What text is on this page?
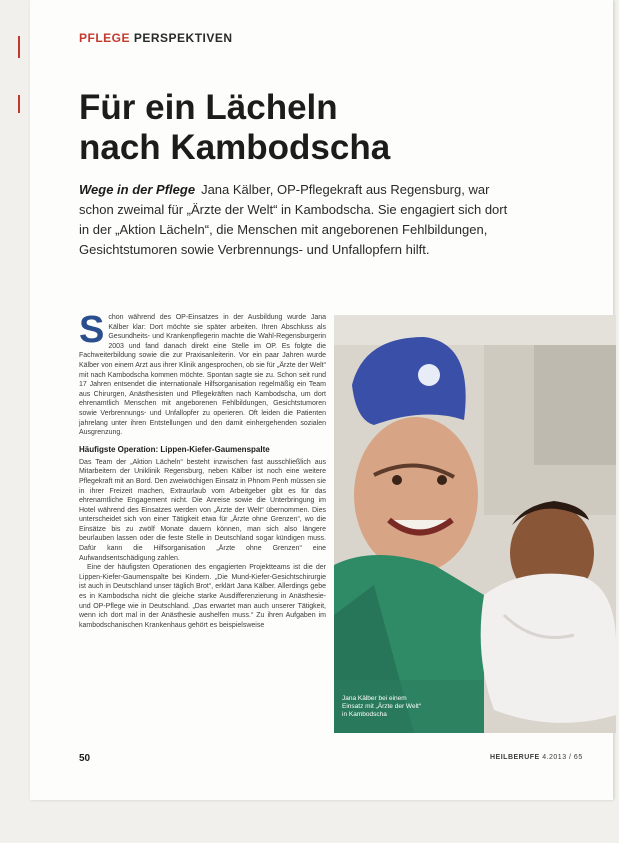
PFLEGE PERSPEKTIVEN
Für ein Lächeln
nach Kambodscha
Wege in der Pflege Jana Kälber, OP-Pflegekraft aus Regensburg, war schon zweimal für „Ärzte der Welt“ in Kambodscha. Sie engagiert sich dort in der „Aktion Lächeln“, die Menschen mit angeborenen Fehlbildungen, Gesichtstumoren sowie Verbrennungs- und Unfallopfern hilft.

Schon während des OP-Einsatzes in der Ausbildung wurde Jana Kälber klar: Dort möchte sie später arbeiten. Ihren Abschluss als Gesundheits- und Krankenpflegerin machte die Wahl-Regensburgerin 2003 und fand danach direkt eine Stelle im OP. Es folgte die Fachweiterbildung sowie die zur Praxisanleiterin. Vor ein paar Jahren wurde Kälber von einem Arzt aus ihrer Klinik angesprochen, ob sie für „Ärzte der Welt“ mit nach Kambodscha kommen möchte. Spontan sagte sie zu. Schon seit rund 17 Jahren entsendet die internationale Hilfsorganisation regelmäßig ein Team aus Chirurgen, Anästhesisten und Pflegekräften nach Kambodscha, um dort ehrenamtlich Menschen mit angeborenen Fehlbildungen, Gesichtstumoren sowie Verbrennungs- und Unfallopfer zu operieren. Oft leiden die Patienten jahrelang unter ihren Entstellungen und den damit einhergehenden sozialen Ausgrenzung.

Häufigste Operation: Lippen-Kiefer-Gaumenspalte

Das Team der „Aktion Lächeln“ besteht inzwischen fast ausschließlich aus Mitarbeitern der Uniklinik Regensburg, neben Kälber ist noch eine weitere Pflegekraft mit an Bord. Den zweiwöchigen Einsatz in Phnom Penh müssen sie in ihrer Freizeit machen, Extraurlaub vom Arbeitgeber gibt es für das ehrenamtliche Engagement nicht. Die Anreise sowie die Unterbringung im Hotel während des Einsatzes werden von „Ärzte der Welt“ übernommen. Dies unterscheidet sich von einer Tätigkeit etwa für „Ärzte ohne Grenzen“, wo die Einsätze bis zu zwölf Monate dauern können, man sich also längere beurlauben lassen oder die feste Stelle in Deutschland sogar kündigen muss. Dafür kann die Hilfsorganisation „Ärzte ohne Grenzen“ eine Aufwandsentschädigung zahlen.

Eine der häufigsten Operationen des engagierten Projektteams ist die der Lippen-Kiefer-Gaumenspalte bei Kindern. „Die Mund-Kiefer-Gesichtschirurgie ist auch in Deutschland unser täglich Brot“, erklärt Jana Kälber. Allerdings gebe es in Kambodscha nicht die gleiche starke Ausdifferenzierung in Anästhesie- und OP-Pflege wie in Deutschland. „Das erwartet man auch unserer Tätigkeit, wenn ich dort mal in der Anästhesie aushelfen muss.“ Zu ihren Aufgaben im kambodschanischen Krankenhaus gehört es beispielsweise

Jana Kälber bei einem
Einsatz mit „Ärzte der Welt“
in Kambodscha
50	HEILBERUFE 4.2013 / 65
